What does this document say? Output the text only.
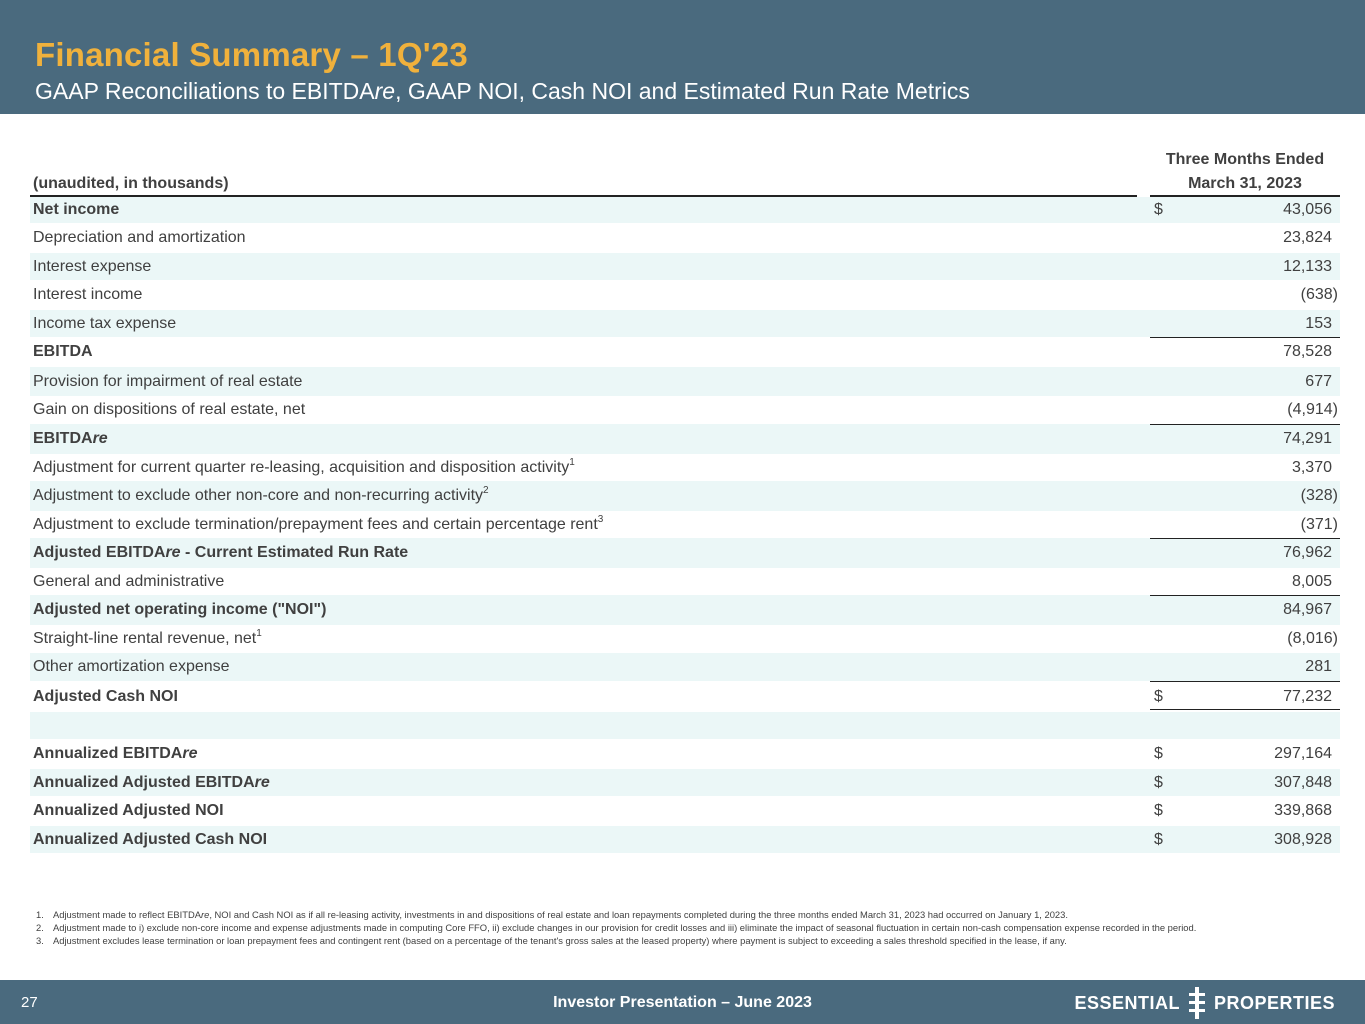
Financial Summary – 1Q'23
GAAP Reconciliations to EBITDAre, GAAP NOI, Cash NOI and Estimated Run Rate Metrics
Three Months Ended
March 31, 2023
(unaudited, in thousands)
Net income	$	43,056
Depreciation and amortization	23,824
Interest expense	12,133
Interest income	(638)
Income tax expense	153
EBITDA	78,528
Provision for impairment of real estate	677
Gain on dispositions of real estate, net	(4,914)
EBITDAre	74,291
Adjustment for current quarter re-leasing, acquisition and disposition activity$^1$	3,370
Adjustment to exclude other non-core and non-recurring activity$^2$	(328)
Adjustment to exclude termination/prepayment fees and certain percentage rent$^3$	(371)
Adjusted EBITDAre - Current Estimated Run Rate	76,962
General and administrative	8,005
Adjusted net operating income ("NOI")	84,967
Straight-line rental revenue, net$^1$	(8,016)
Other amortization expense	281
Adjusted Cash NOI	$	77,232
Annualized EBITDAre	$	297,164
Annualized Adjusted EBITDAre	$	307,848
Annualized Adjusted NOI	$	339,868
Annualized Adjusted Cash NOI	$	308,928
1. Adjustment made to reflect EBITDAre, NOI and Cash NOI as if all re-leasing activity, investments in and dispositions of real estate and loan repayments completed during the three months ended March 31, 2023 had occurred on January 1, 2023.
2. Adjustment made to i) exclude non-core income and expense adjustments made in computing Core FFO, ii) exclude changes in our provision for credit losses and iii) eliminate the impact of seasonal fluctuation in certain non-cash compensation expense recorded in the period.
3. Adjustment excludes lease termination or loan prepayment fees and contingent rent (based on a percentage of the tenant's gross sales at the leased property) where payment is subject to exceeding a sales threshold specified in the lease, if any.
27	Investor Presentation – June 2023	ESSENTIAL PROPERTIES
